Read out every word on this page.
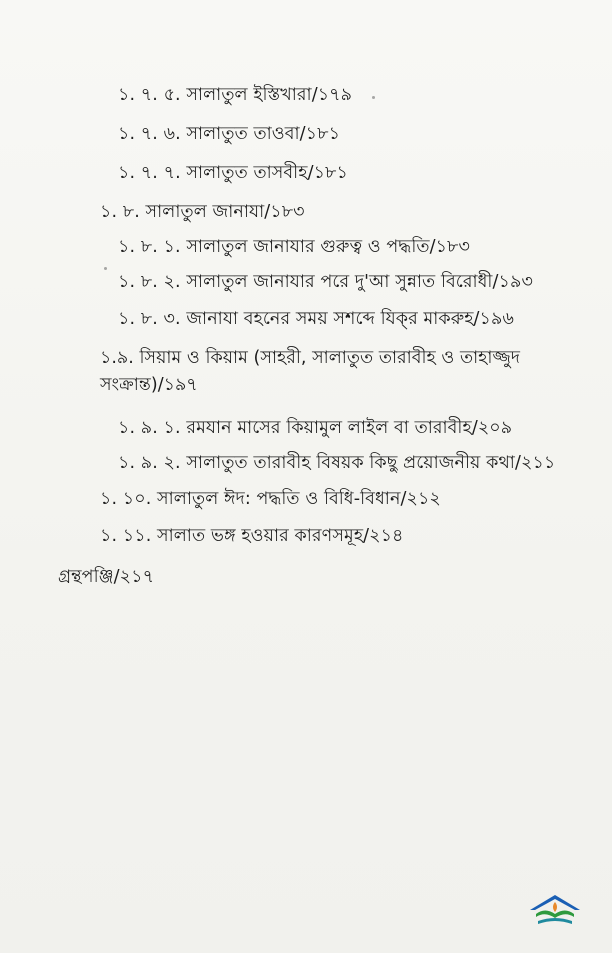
১. ৭. ৫. সালাতুল ইস্তিখারা/১৭৯
১. ৭. ৬. সালাতুত তাওবা/১৮১
১. ৭. ৭. সালাতুত তাসবীহ/১৮১
১. ৮. সালাতুল জানাযা/১৮৩
১. ৮. ১. সালাতুল জানাযার গুরুত্ব ও পদ্ধতি/১৮৩
১. ৮. ২. সালাতুল জানাযার পরে দু'আ সুন্নাত বিরোধী/১৯৩
১. ৮. ৩. জানাযা বহনের সময় সশব্দে যিক্‌র মাকরুহ/১৯৬
১.৯. সিয়াম ও কিয়াম (সাহরী, সালাতুত তারাবীহ ও তাহাজ্জুদ সংক্রান্ত)/১৯৭
১. ৯. ১. রমযান মাসের কিয়ামুল লাইল বা তারাবীহ/২০৯
১. ৯. ২. সালাতুত তারাবীহ বিষয়ক কিছু প্রয়োজনীয় কথা/২১১
১. ১০. সালাতুল ঈদ: পদ্ধতি ও বিধি-বিধান/২১২
১. ১১. সালাত ভঙ্গ হওয়ার কারণসমূহ/২১৪
গ্রন্থপঞ্জি/২১৭
